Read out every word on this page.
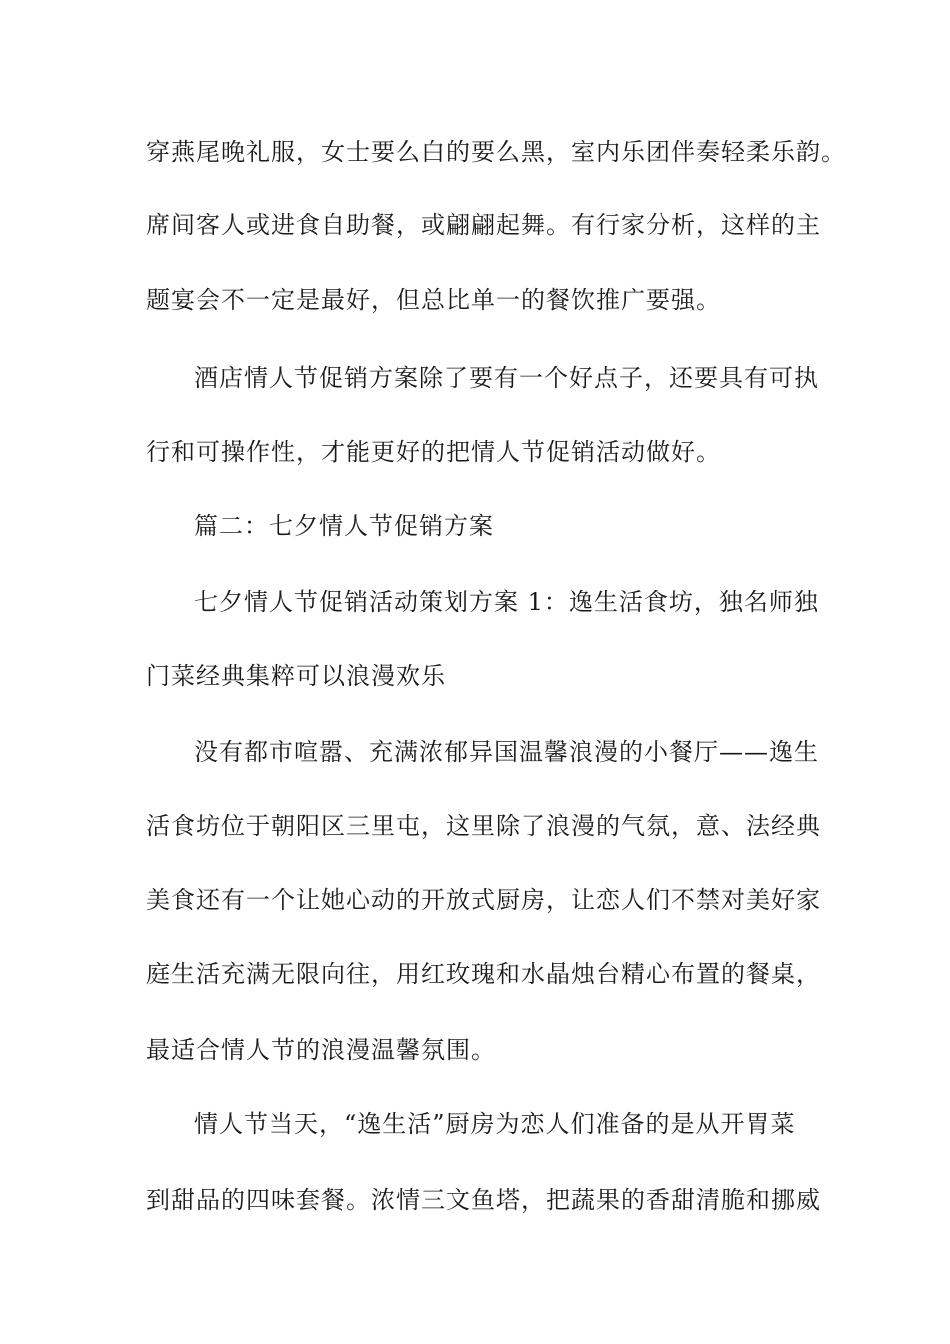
穿燕尾晚礼服，女士要么白的要么黑，室内乐团伴奏轻柔乐韵。
席间客人或进食自助餐，或翩翩起舞。有行家分析，这样的主
题宴会不一定是最好，但总比单一的餐饮推广要强。
酒店情人节促销方案除了要有一个好点子，还要具有可执
行和可操作性，才能更好的把情人节促销活动做好。
篇二：七夕情人节促销方案
七夕情人节促销活动策划方案 1：逸生活食坊，独名师独
门菜经典集粹可以浪漫欢乐
没有都市喧嚣、充满浓郁异国温馨浪漫的小餐厅——逸生
活食坊位于朝阳区三里屯，这里除了浪漫的气氛，意、法经典
美食还有一个让她心动的开放式厨房，让恋人们不禁对美好家
庭生活充满无限向往，用红玫瑰和水晶烛台精心布置的餐桌，
最适合情人节的浪漫温馨氛围。
情人节当天，“逸生活”厨房为恋人们准备的是从开胃菜
到甜品的四味套餐。浓情三文鱼塔，把蔬果的香甜清脆和挪威
